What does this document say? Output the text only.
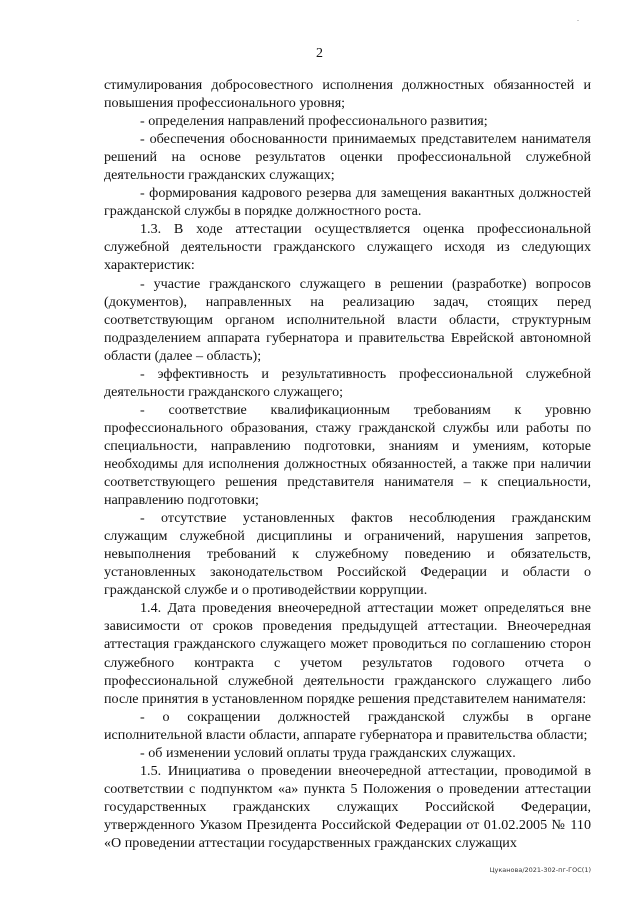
.
2

стимулирования добросовестного исполнения должностных обязанностей и повышения профессионального уровня;

- определения направлений профессионального развития;

- обеспечения обоснованности принимаемых представителем нанимателя решений на основе результатов оценки профессиональной служебной деятельности гражданских служащих;

- формирования кадрового резерва для замещения вакантных должностей гражданской службы в порядке должностного роста.

1.3. В ходе аттестации осуществляется оценка профессиональной служебной деятельности гражданского служащего исходя из следующих характеристик:

- участие гражданского служащего в решении (разработке) вопросов (документов), направленных на реализацию задач, стоящих перед соответствующим органом исполнительной власти области, структурным подразделением аппарата губернатора и правительства Еврейской автономной области (далее – область);

- эффективность и результативность профессиональной служебной деятельности гражданского служащего;

- соответствие квалификационным требованиям к уровню профессионального образования, стажу гражданской службы или работы по специальности, направлению подготовки, знаниям и умениям, которые необходимы для исполнения должностных обязанностей, а также при наличии соответствующего решения представителя нанимателя – к специальности, направлению подготовки;

- отсутствие установленных фактов несоблюдения гражданским служащим служебной дисциплины и ограничений, нарушения запретов, невыполнения требований к служебному поведению и обязательств, установленных законодательством Российской Федерации и области о гражданской службе и о противодействии коррупции.

1.4. Дата проведения внеочередной аттестации может определяться вне зависимости от сроков проведения предыдущей аттестации. Внеочередная аттестация гражданского служащего может проводиться по соглашению сторон служебного контракта с учетом результатов годового отчета о профессиональной служебной деятельности гражданского служащего либо после принятия в установленном порядке решения представителем нанимателя:

- о сокращении должностей гражданской службы в органе исполнительной власти области, аппарате губернатора и правительства области;

- об изменении условий оплаты труда гражданских служащих.

1.5. Инициатива о проведении внеочередной аттестации, проводимой в соответствии с подпунктом «а» пункта 5 Положения о проведении аттестации государственных гражданских служащих Российской Федерации, утвержденного Указом Президента Российской Федерации от 01.02.2005 № 110 «О проведении аттестации государственных гражданских служащих

Цуканова/2021-302-пг-ГОС(1)
